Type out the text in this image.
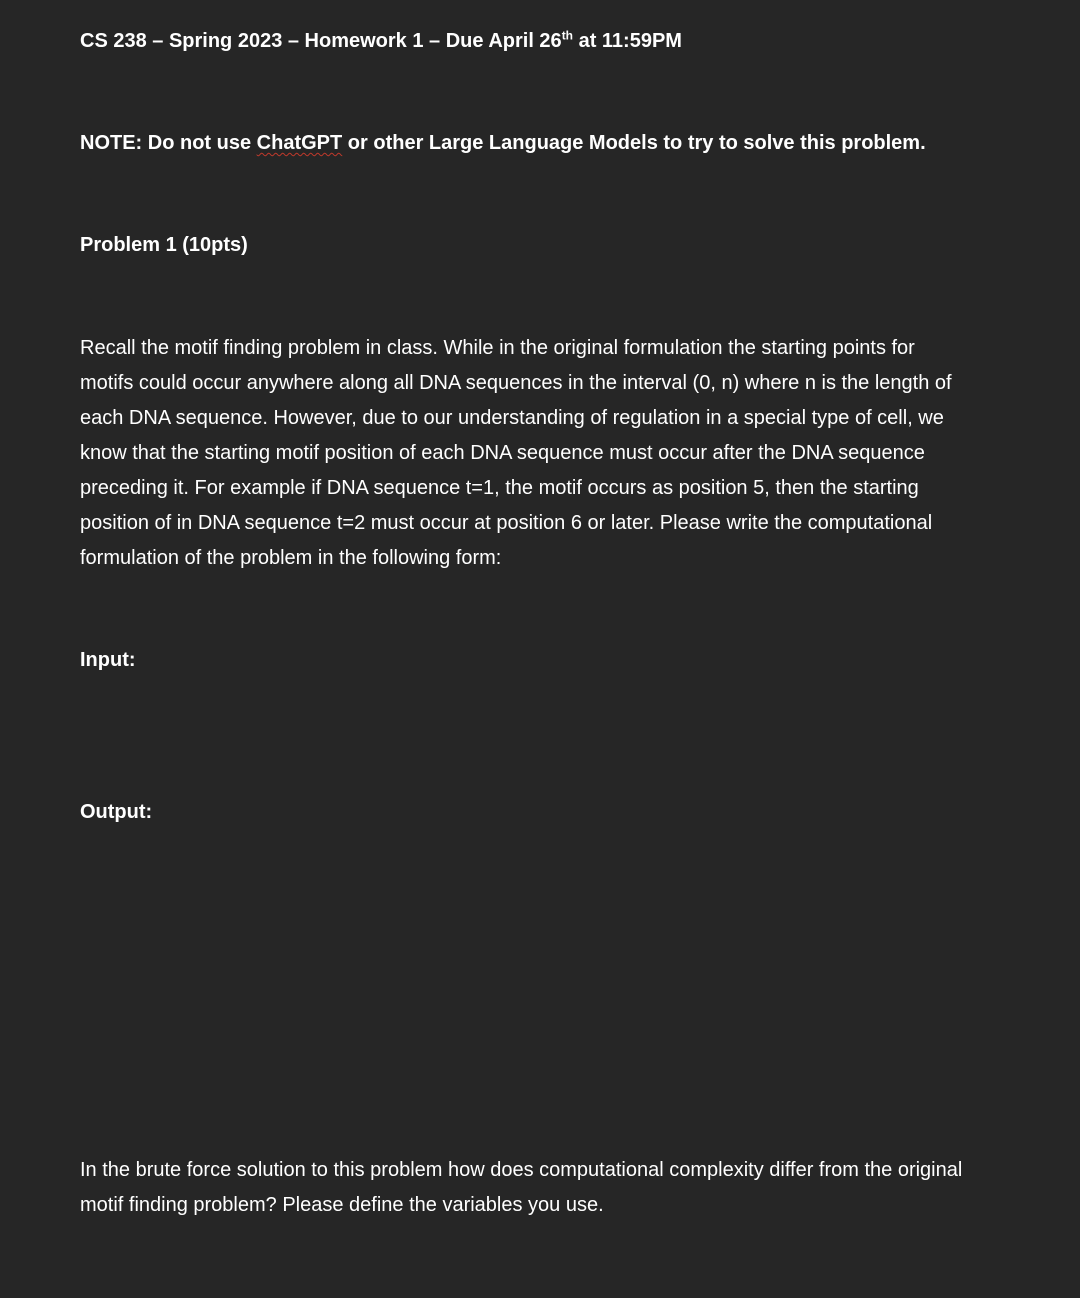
CS 238 – Spring 2023 – Homework 1 – Due April 26th at 11:59PM
NOTE: Do not use ChatGPT or other Large Language Models to try to solve this problem.
Problem 1 (10pts)
Recall the motif finding problem in class. While in the original formulation the starting points for
motifs could occur anywhere along all DNA sequences in the interval (0, n) where n is the length of
each DNA sequence. However, due to our understanding of regulation in a special type of cell, we
know that the starting motif position of each DNA sequence must occur after the DNA sequence
preceding it. For example if DNA sequence t=1, the motif occurs as position 5, then the starting
position of in DNA sequence t=2 must occur at position 6 or later. Please write the computational
formulation of the problem in the following form:
Input:
Output:
In the brute force solution to this problem how does computational complexity differ from the original
motif finding problem? Please define the variables you use.
